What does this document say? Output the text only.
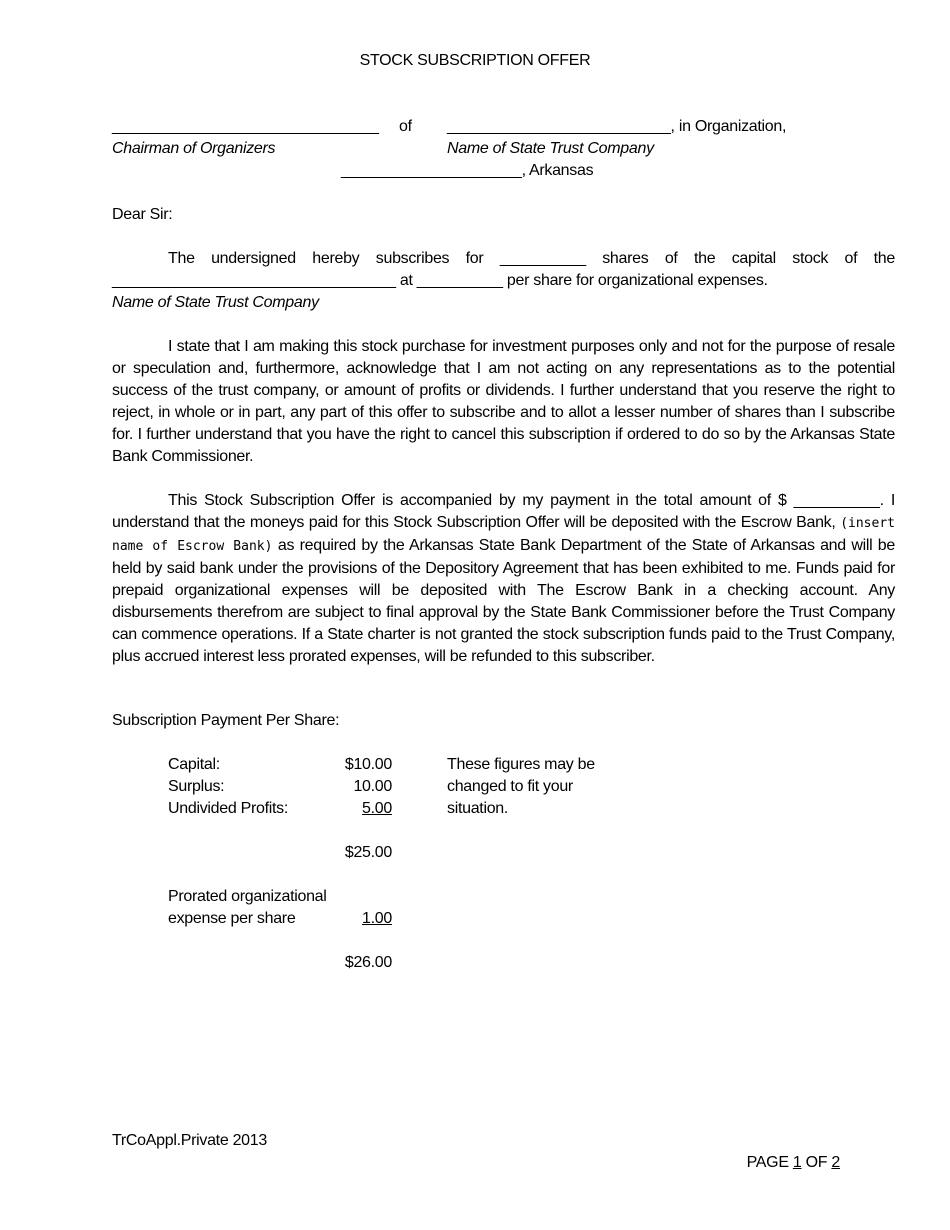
STOCK SUBSCRIPTION OFFER
_______________________________ of __________________________, in Organization,
Chairman of Organizers	Name of State Trust Company
_____________________, Arkansas
Dear Sir:
The undersigned hereby subscribes for __________ shares of the capital stock of the _________________________________ at __________ per share for organizational expenses.
Name of State Trust Company
I state that I am making this stock purchase for investment purposes only and not for the purpose of resale or speculation and, furthermore, acknowledge that I am not acting on any representations as to the potential success of the trust company, or amount of profits or dividends. I further understand that you reserve the right to reject, in whole or in part, any part of this offer to subscribe and to allot a lesser number of shares than I subscribe for. I further understand that you have the right to cancel this subscription if ordered to do so by the Arkansas State Bank Commissioner.
This Stock Subscription Offer is accompanied by my payment in the total amount of $ __________. I understand that the moneys paid for this Stock Subscription Offer will be deposited with the Escrow Bank, (insert name of Escrow Bank) as required by the Arkansas State Bank Department of the State of Arkansas and will be held by said bank under the provisions of the Depository Agreement that has been exhibited to me. Funds paid for prepaid organizational expenses will be deposited with The Escrow Bank in a checking account. Any disbursements therefrom are subject to final approval by the State Bank Commissioner before the Trust Company can commence operations. If a State charter is not granted the stock subscription funds paid to the Trust Company, plus accrued interest less prorated expenses, will be refunded to this subscriber.
Subscription Payment Per Share:
Capital:	$10.00
Surplus:	10.00
Undivided Profits:	5.00
$25.00
Prorated organizational
expense per share	1.00
$26.00
These figures may be
changed to fit your
situation.
TrCoAppl.Private 2013

PAGE 1 OF 2
